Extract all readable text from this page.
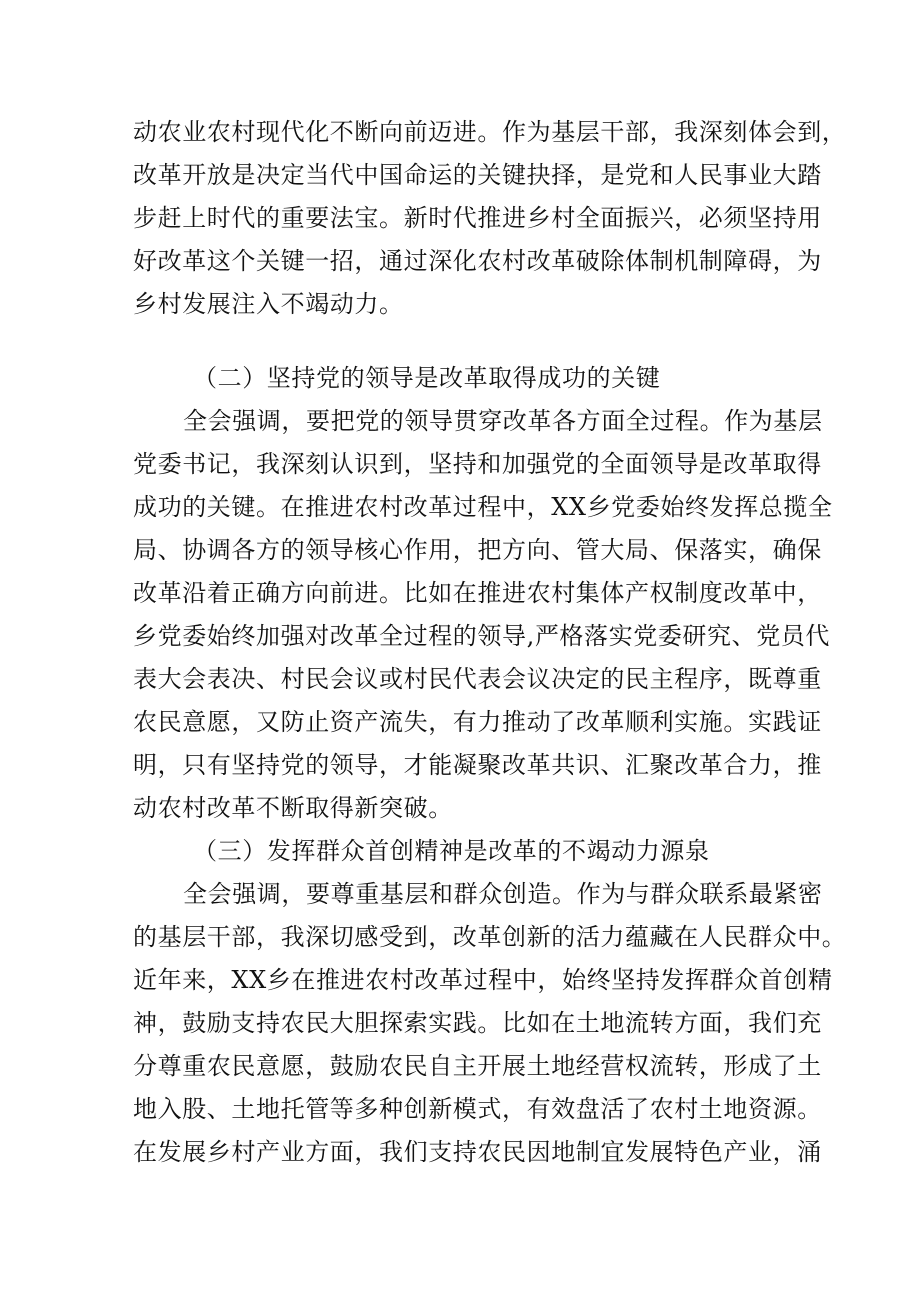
动农业农村现代化不断向前迈进。作为基层干部，我深刻体会到，
改革开放是决定当代中国命运的关键抉择，是党和人民事业大踏
步赶上时代的重要法宝。新时代推进乡村全面振兴，必须坚持用
好改革这个关键一招，通过深化农村改革破除体制机制障碍，为
乡村发展注入不竭动力。
（二）坚持党的领导是改革取得成功的关键
全会强调，要把党的领导贯穿改革各方面全过程。作为基层
党委书记，我深刻认识到，坚持和加强党的全面领导是改革取得
成功的关键。在推进农村改革过程中，XX乡党委始终发挥总揽全
局、协调各方的领导核心作用，把方向、管大局、保落实，确保
改革沿着正确方向前进。比如在推进农村集体产权制度改革中，
乡党委始终加强对改革全过程的领导,严格落实党委研究、党员代
表大会表决、村民会议或村民代表会议决定的民主程序，既尊重
农民意愿，又防止资产流失，有力推动了改革顺利实施。实践证
明，只有坚持党的领导，才能凝聚改革共识、汇聚改革合力，推
动农村改革不断取得新突破。
（三）发挥群众首创精神是改革的不竭动力源泉
全会强调，要尊重基层和群众创造。作为与群众联系最紧密
的基层干部，我深切感受到，改革创新的活力蕴藏在人民群众中。
近年来，XX乡在推进农村改革过程中，始终坚持发挥群众首创精
神，鼓励支持农民大胆探索实践。比如在土地流转方面，我们充
分尊重农民意愿，鼓励农民自主开展土地经营权流转，形成了土
地入股、土地托管等多种创新模式，有效盘活了农村土地资源。
在发展乡村产业方面，我们支持农民因地制宜发展特色产业，涌
